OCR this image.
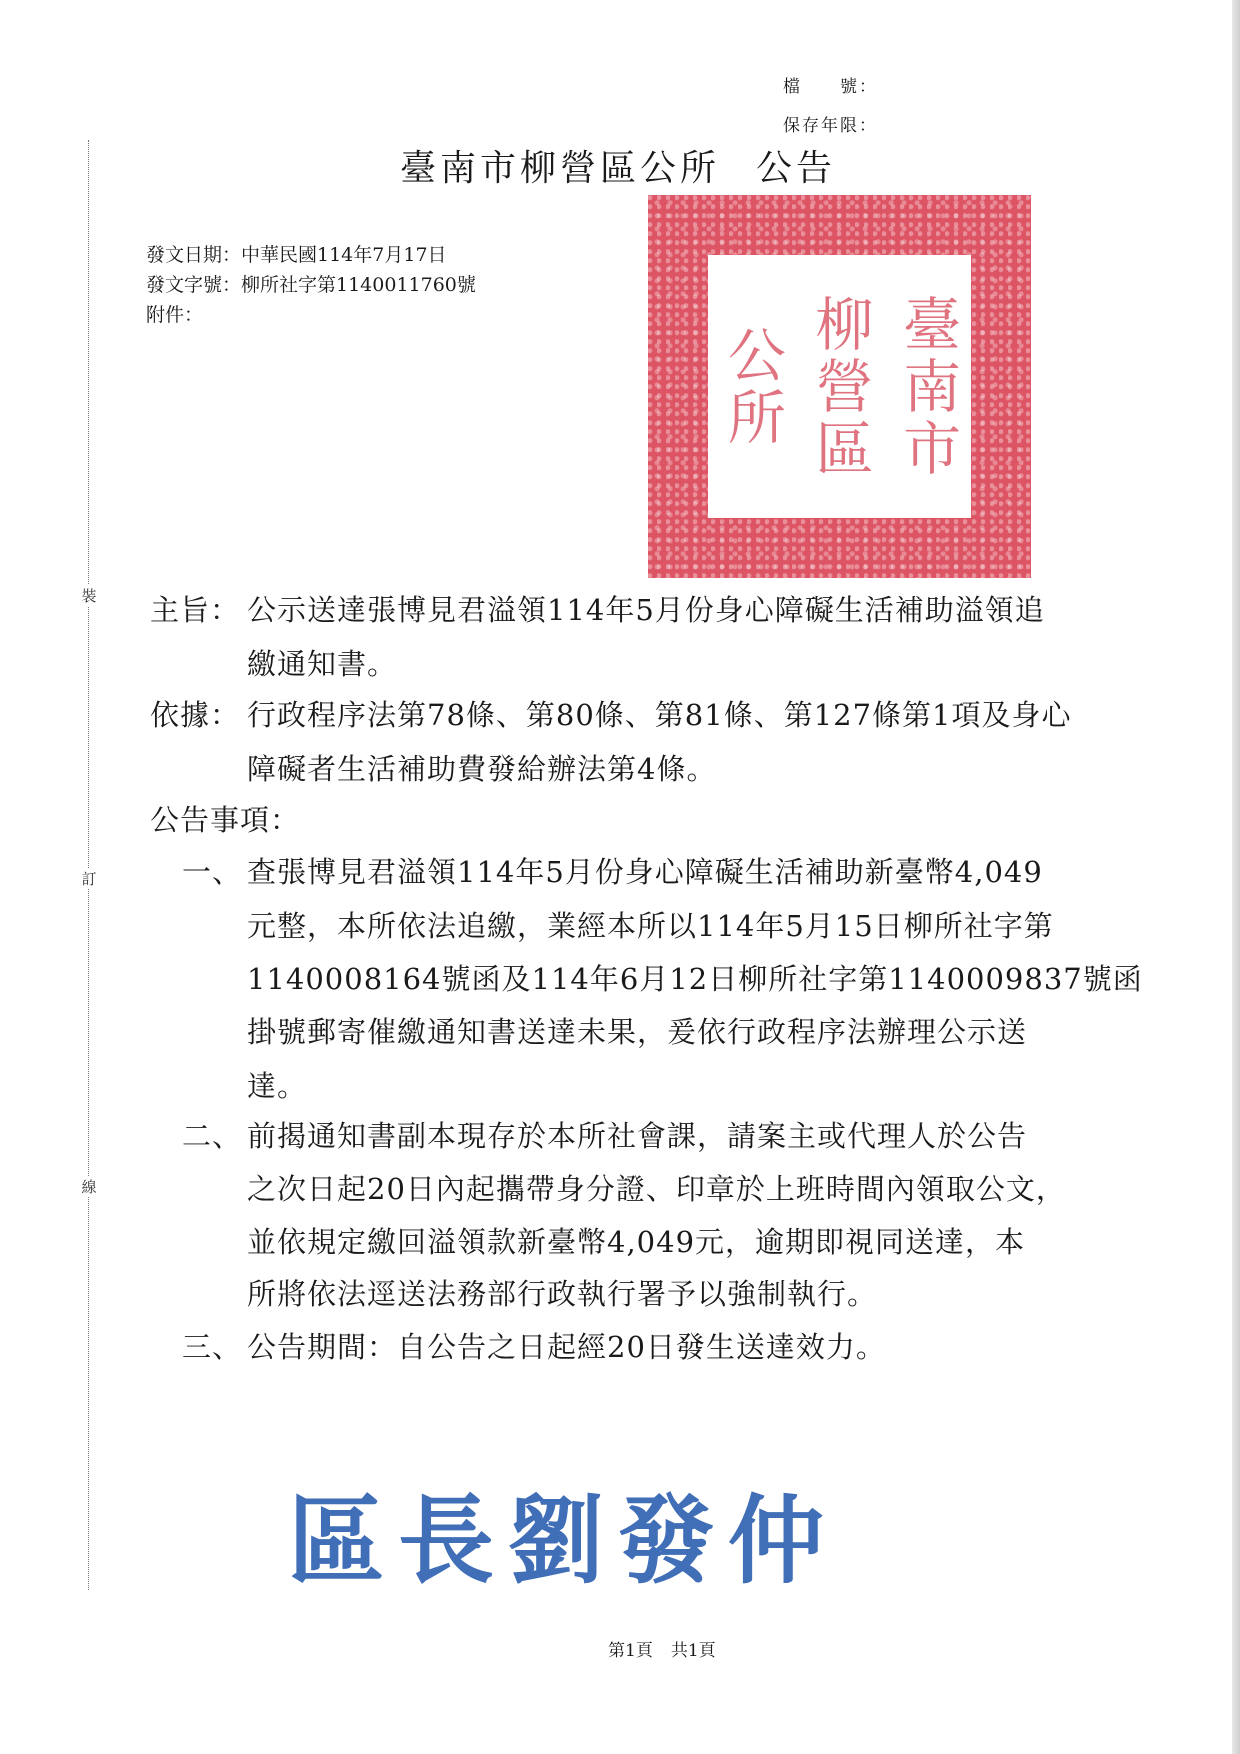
裝
訂
線
檔　　號：
保存年限：
臺南市柳營區公所 公告
發文日期：中華民國114年7月17日
發文字號：柳所社字第1140011760號
附件：	臺南市
柳營區
公所
主旨： 公示送達張博見君溢領114年5月份身心障礙生活補助溢領追
繳通知書。
依據： 行政程序法第78條、第80條、第81條、第127條第1項及身心
障礙者生活補助費發給辦法第4條。
公告事項：
一、 查張博見君溢領114年5月份身心障礙生活補助新臺幣4,049
元整，本所依法追繳，業經本所以114年5月15日柳所社字第
1140008164號函及114年6月12日柳所社字第1140009837號函
掛號郵寄催繳通知書送達未果，爰依行政程序法辦理公示送
達。
二、 前揭通知書副本現存於本所社會課，請案主或代理人於公告
之次日起20日內起攜帶身分證、印章於上班時間內領取公文，
並依規定繳回溢領款新臺幣4,049元，逾期即視同送達，本
所將依法逕送法務部行政執行署予以強制執行。
三、 公告期間：自公告之日起經20日發生送達效力。
區長劉發仲
第1頁 共1頁
